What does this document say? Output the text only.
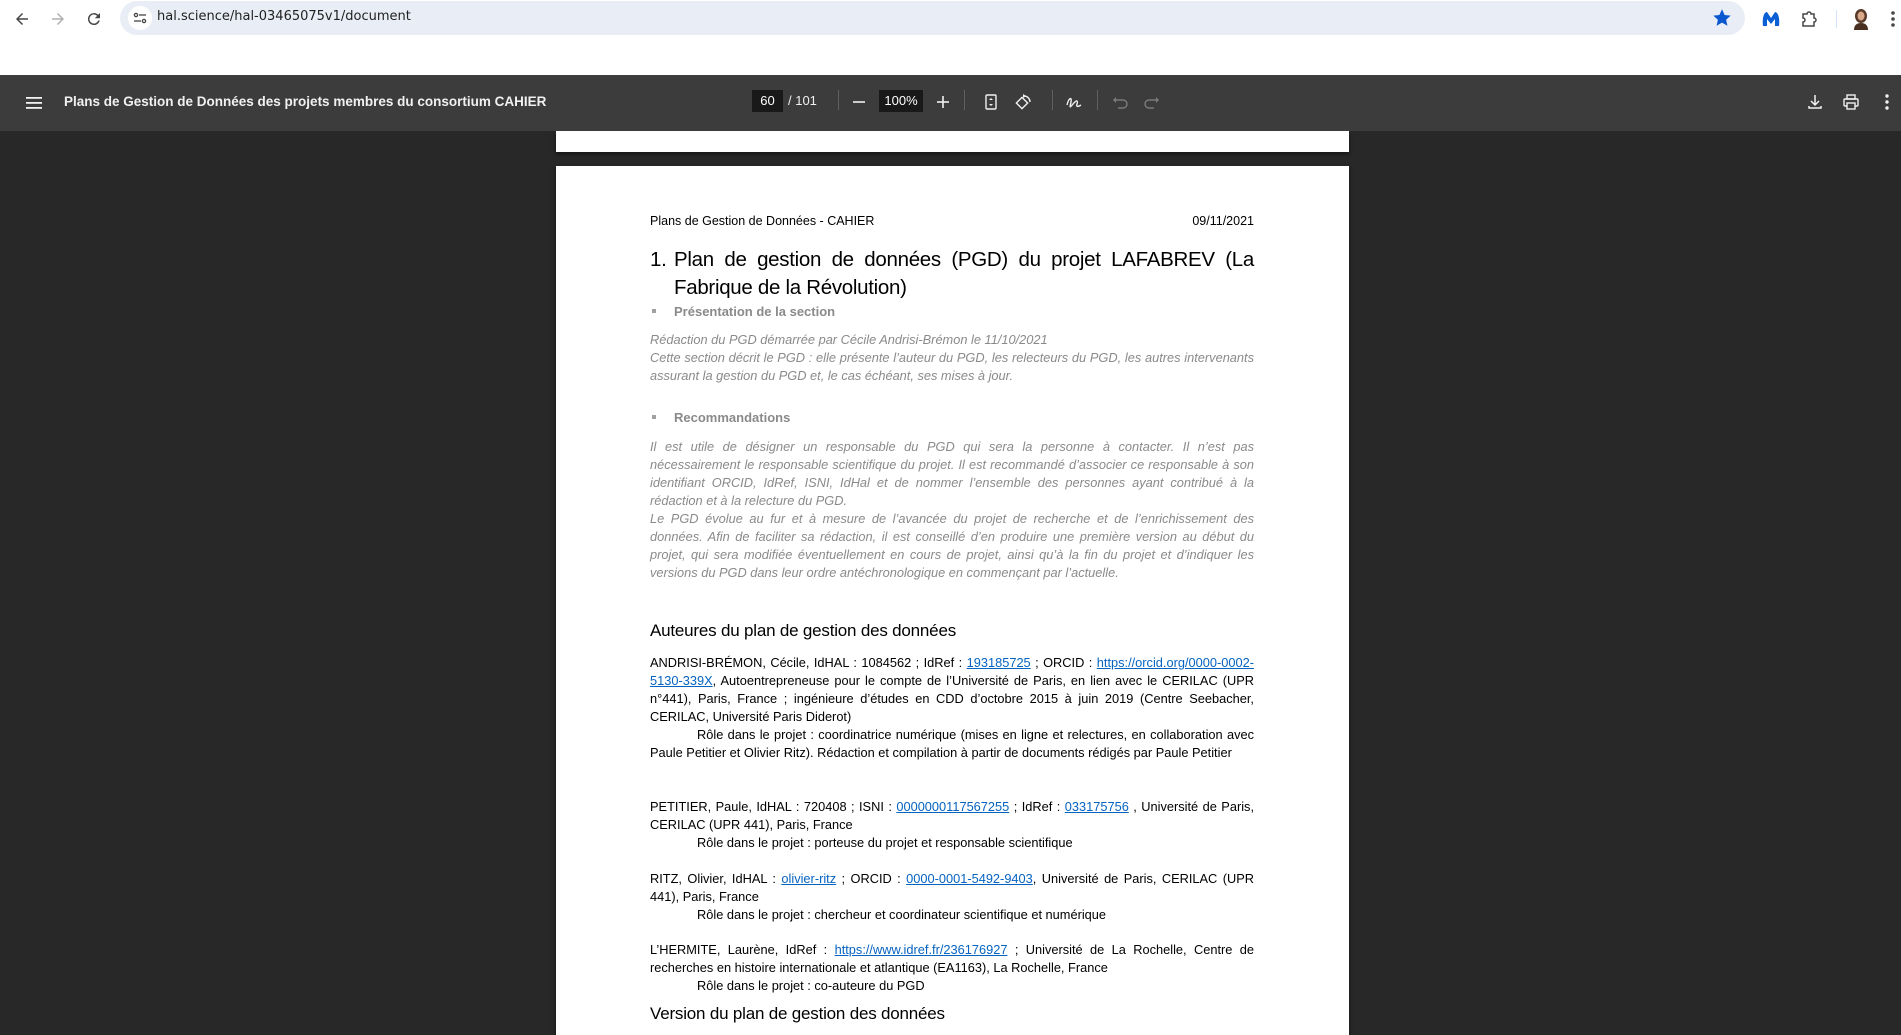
hal.science/hal-03465075v1/document
Plans de Gestion de Données des projets membres du consortium CAHIER	60	/ 101	100%
Plans de Gestion de Données - CAHIER	09/11/2021
1. Plan de gestion de données (PGD) du projet LAFABREV (La Fabrique de la Révolution)
Présentation de la section
Rédaction du PGD démarrée par Cécile Andrisi-Brémon le 11/10/2021
Cette section décrit le PGD : elle présente l’auteur du PGD, les relecteurs du PGD, les autres intervenants assurant la gestion du PGD et, le cas échéant, ses mises à jour.
Recommandations
Il est utile de désigner un responsable du PGD qui sera la personne à contacter. Il n’est pas nécessairement le responsable scientifique du projet. Il est recommandé d’associer ce responsable à son identifiant ORCID, IdRef, ISNI, IdHal et de nommer l’ensemble des personnes ayant contribué à la rédaction et à la relecture du PGD.
Le PGD évolue au fur et à mesure de l’avancée du projet de recherche et de l’enrichissement des données. Afin de faciliter sa rédaction, il est conseillé d’en produire une première version au début du projet, qui sera modifiée éventuellement en cours de projet, ainsi qu’à la fin du projet et d’indiquer les versions du PGD dans leur ordre antéchronologique en commençant par l’actuelle.
Auteures du plan de gestion des données
ANDRISI-BRÉMON, Cécile, IdHAL : 1084562 ; IdRef : 193185725 ; ORCID : https://orcid.org/0000-0002-5130-339X, Autoentrepreneuse pour le compte de l’Université de Paris, en lien avec le CERILAC (UPR n°441), Paris, France ; ingénieure d’études en CDD d’octobre 2015 à juin 2019 (Centre Seebacher, CERILAC, Université Paris Diderot)
Rôle dans le projet : coordinatrice numérique (mises en ligne et relectures, en collaboration avec Paule Petitier et Olivier Ritz). Rédaction et compilation à partir de documents rédigés par Paule Petitier
PETITIER, Paule, IdHAL : 720408 ; ISNI : 0000000117567255 ; IdRef : 033175756 , Université de Paris, CERILAC (UPR 441), Paris, France
Rôle dans le projet : porteuse du projet et responsable scientifique
RITZ, Olivier, IdHAL : olivier-ritz ; ORCID : 0000-0001-5492-9403, Université de Paris, CERILAC (UPR 441), Paris, France
Rôle dans le projet : chercheur et coordinateur scientifique et numérique
L’HERMITE, Laurène, IdRef : https://www.idref.fr/236176927 ; Université de La Rochelle, Centre de recherches en histoire internationale et atlantique (EA1163), La Rochelle, France
Rôle dans le projet : co-auteure du PGD
Version du plan de gestion des données
